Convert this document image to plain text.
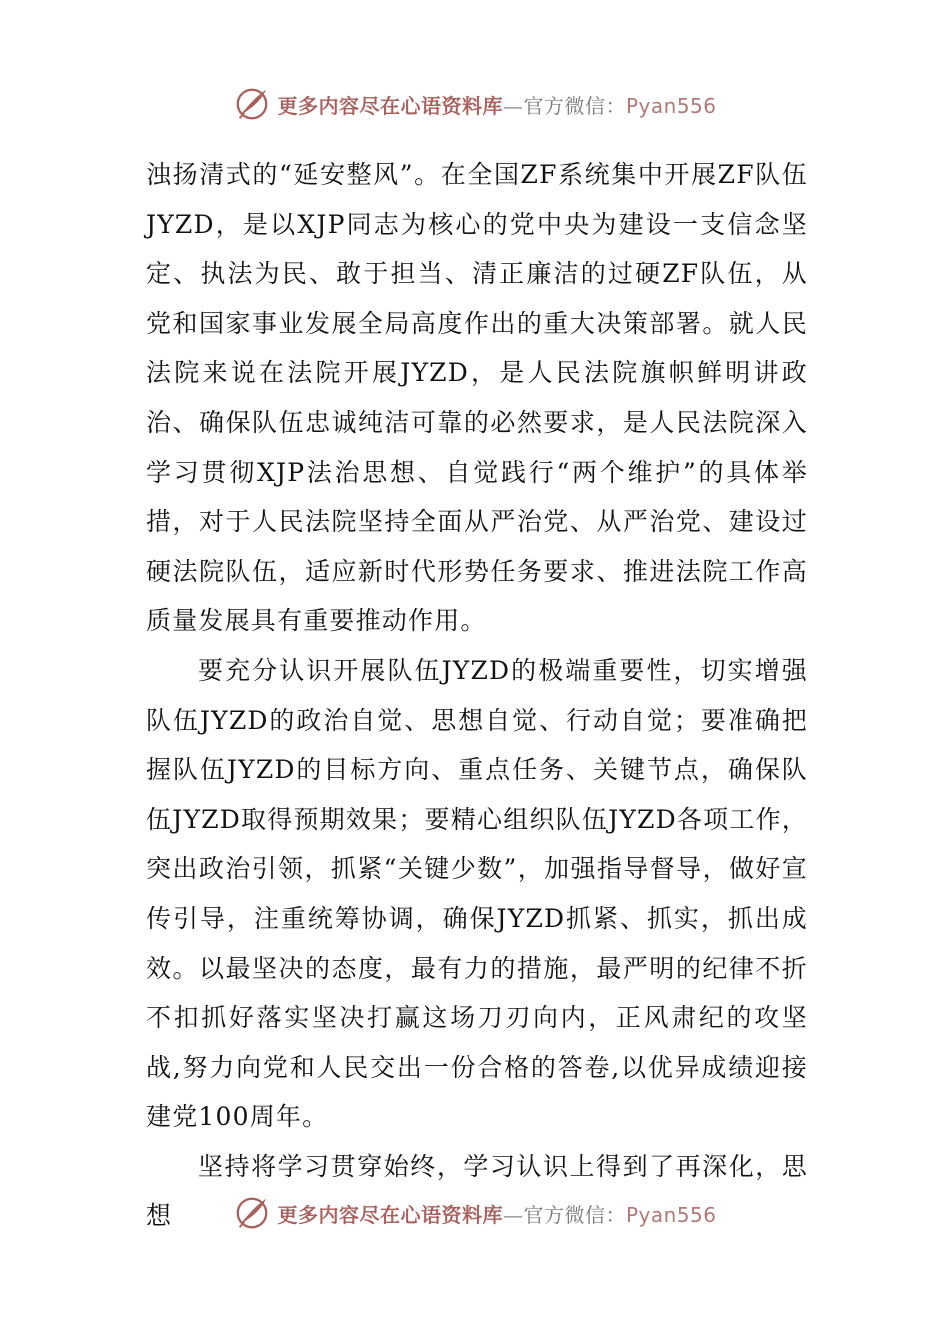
更多内容尽在心语资料库—官方微信：Pyan556

浊扬清式的“延安整风”。在全国ZF系统集中开展ZF队伍JYZD，是以XJP同志为核心的党中央为建设一支信念坚定、执法为民、敢于担当、清正廉洁的过硬ZF队伍，从党和国家事业发展全局高度作出的重大决策部署。就人民法院来说在法院开展JYZD，是人民法院旗帜鲜明讲政治、确保队伍忠诚纯洁可靠的必然要求，是人民法院深入学习贯彻XJP法治思想、自觉践行“两个维护”的具体举措，对于人民法院坚持全面从严治党、从严治党、建设过硬法院队伍，适应新时代形势任务要求、推进法院工作高质量发展具有重要推动作用。

要充分认识开展队伍JYZD的极端重要性，切实增强队伍JYZD的政治自觉、思想自觉、行动自觉；要准确把握队伍JYZD的目标方向、重点任务、关键节点，确保队伍JYZD取得预期效果；要精心组织队伍JYZD各项工作，突出政治引领，抓紧“关键少数”，加强指导督导，做好宣传引导，注重统筹协调，确保JYZD抓紧、抓实，抓出成效。以最坚决的态度，最有力的措施，最严明的纪律不折不扣抓好落实坚决打赢这场刀刃向内，正风肃纪的攻坚战,努力向党和人民交出一份合格的答卷,以优异成绩迎接建党100周年。

坚持将学习贯穿始终，学习认识上得到了再深化，思想	更多内容尽在心语资料库—官方微信：Pyan556
